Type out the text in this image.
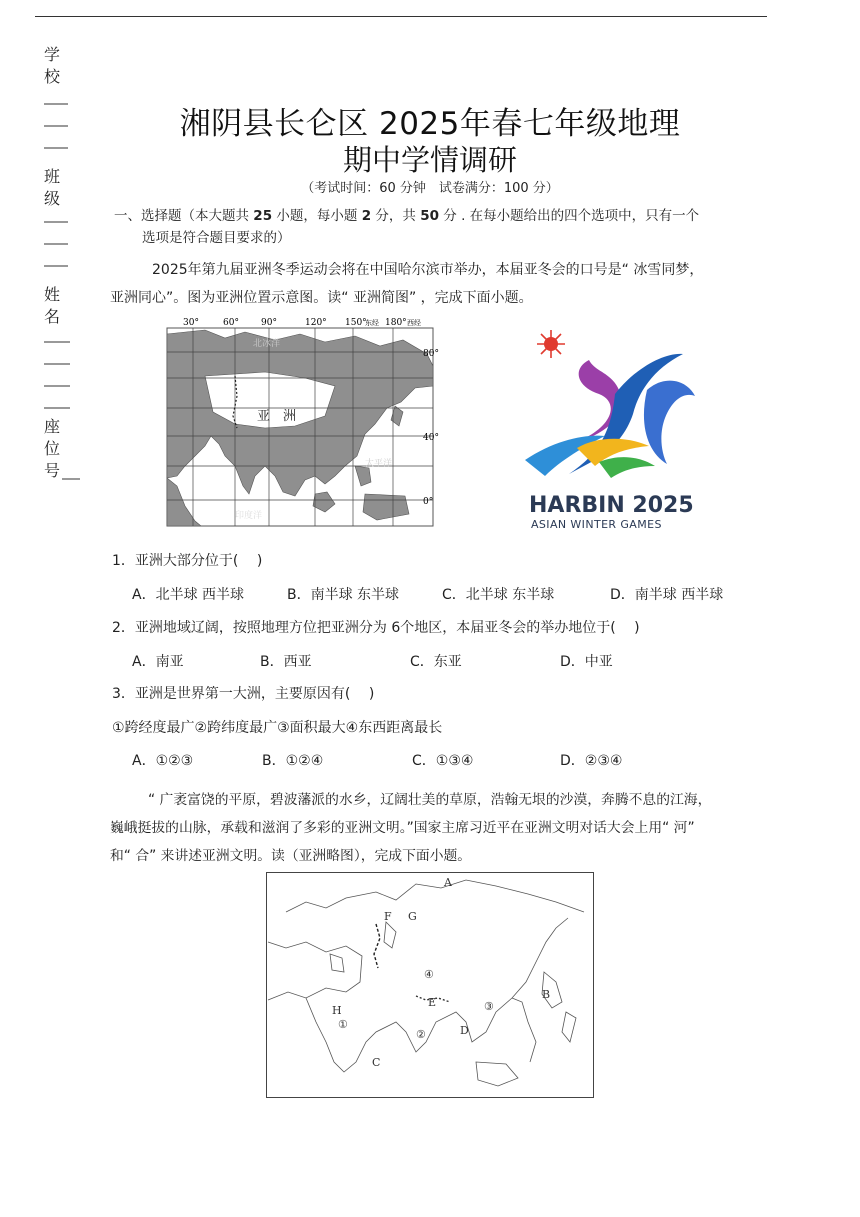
学
校
班
级
姓
名
座
位
号
湘阴县长仑区 2025年春七年级地理
期中学情调研
（考试时间：60 分钟　试卷满分：100 分）
一、选择题（本大题共 25 小题，每小题 2 分，共 50 分 . 在每小题给出的四个选项中，只有一个
选项是符合题目要求的）
2025年第九届亚洲冬季运动会将在中国哈尔滨市举办，本届亚冬会的口号是“ 冰雪同梦，
亚洲同心”。图为亚洲位置示意图。读“ 亚洲简图” ，完成下面小题。
30°	60° 90°	120° 150°
东经 180° 西经
80°
40°
0°
北冰洋
太平洋
印度洋
亚　洲
HARBIN 2025
ASIAN WINTER GAMES
1．亚洲大部分位于(　 )
A．北半球 西半球	B．南半球 东半球	C．北半球 东半球	D．南半球 西半球
2．亚洲地域辽阔，按照地理方位把亚洲分为 6个地区，本届亚冬会的举办地位于(　 )
A．南亚	B．西亚	C．东亚	D．中亚
3．亚洲是世界第一大洲，主要原因有(　 )
①跨经度最广②跨纬度最广③面积最大④东西距离最长
A．①②③	B．①②④	C．①③④	D．②③④
“ 广袤富饶的平原，碧波藩派的水乡，辽阔壮美的草原，浩翰无垠的沙漠，奔腾不息的江海，
巍峨挺拔的山脉，承载和滋润了多彩的亚洲文明。”国家主席习近平在亚洲文明对话大会上用“ 河”
和“ 合” 来讲述亚洲文明。读（亚洲略图），完成下面小题。
A
B
C
D
E
F G
H
①
②
③
④
